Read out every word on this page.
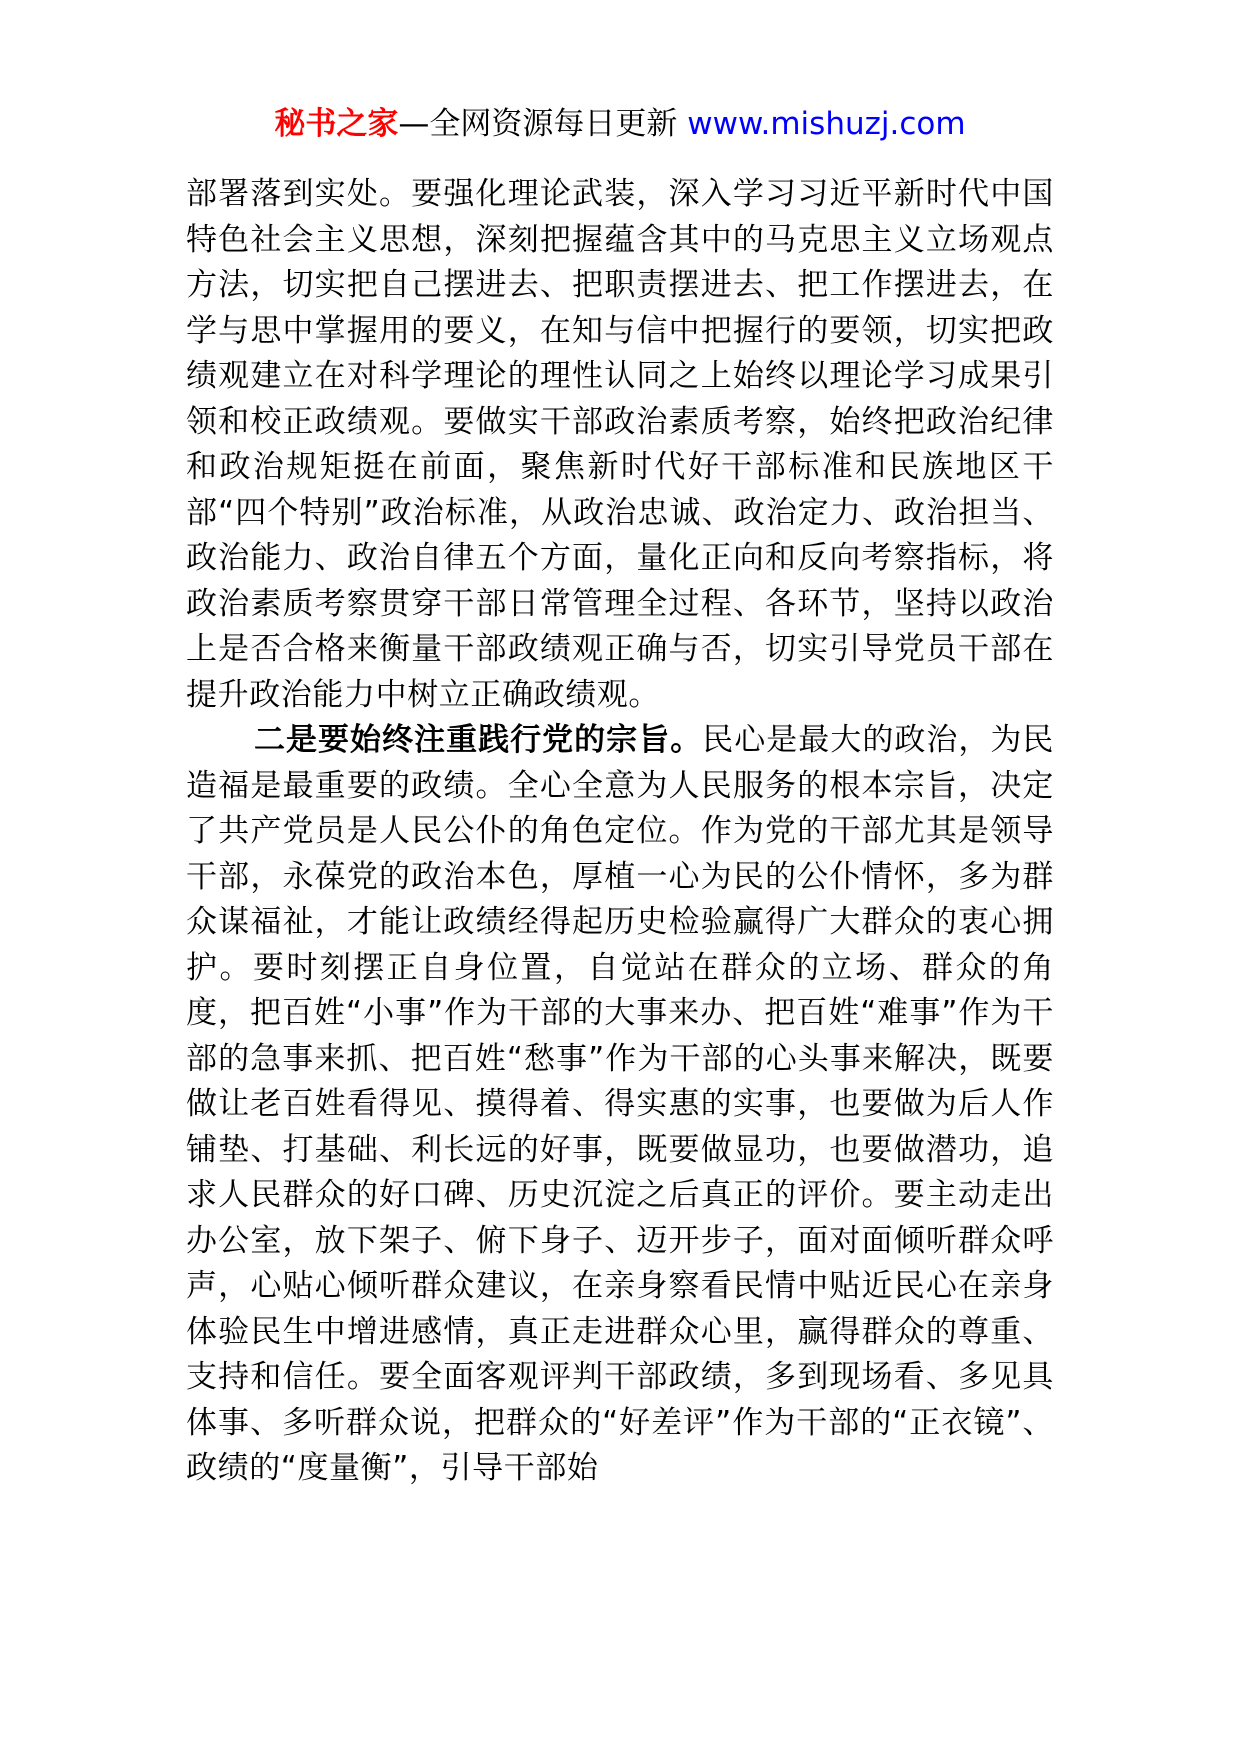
秘书之家—全网资源每日更新 www.mishuzj.com

部署落到实处。要强化理论武装，深入学习习近平新时代中国特色社会主义思想，深刻把握蕴含其中的马克思主义立场观点方法，切实把自己摆进去、把职责摆进去、把工作摆进去，在学与思中掌握用的要义，在知与信中把握行的要领，切实把政绩观建立在对科学理论的理性认同之上始终以理论学习成果引领和校正政绩观。要做实干部政治素质考察，始终把政治纪律和政治规矩挺在前面，聚焦新时代好干部标准和民族地区干部“四个特别”政治标准，从政治忠诚、政治定力、政治担当、政治能力、政治自律五个方面，量化正向和反向考察指标，将政治素质考察贯穿干部日常管理全过程、各环节，坚持以政治上是否合格来衡量干部政绩观正确与否，切实引导党员干部在提升政治能力中树立正确政绩观。

二是要始终注重践行党的宗旨。民心是最大的政治，为民造福是最重要的政绩。全心全意为人民服务的根本宗旨，决定了共产党员是人民公仆的角色定位。作为党的干部尤其是领导干部，永葆党的政治本色，厚植一心为民的公仆情怀，多为群众谋福祉，才能让政绩经得起历史检验赢得广大群众的衷心拥护。要时刻摆正自身位置，自觉站在群众的立场、群众的角度，把百姓“小事”作为干部的大事来办、把百姓“难事”作为干部的急事来抓、把百姓“愁事”作为干部的心头事来解决，既要做让老百姓看得见、摸得着、得实惠的实事，也要做为后人作铺垫、打基础、利长远的好事，既要做显功，也要做潜功，追求人民群众的好口碑、历史沉淀之后真正的评价。要主动走出办公室，放下架子、俯下身子、迈开步子，面对面倾听群众呼声，心贴心倾听群众建议，在亲身察看民情中贴近民心在亲身体验民生中增进感情，真正走进群众心里，赢得群众的尊重、支持和信任。要全面客观评判干部政绩，多到现场看、多见具体事、多听群众说，把群众的“好差评”作为干部的“正衣镜”、政绩的“度量衡”，引导干部始
